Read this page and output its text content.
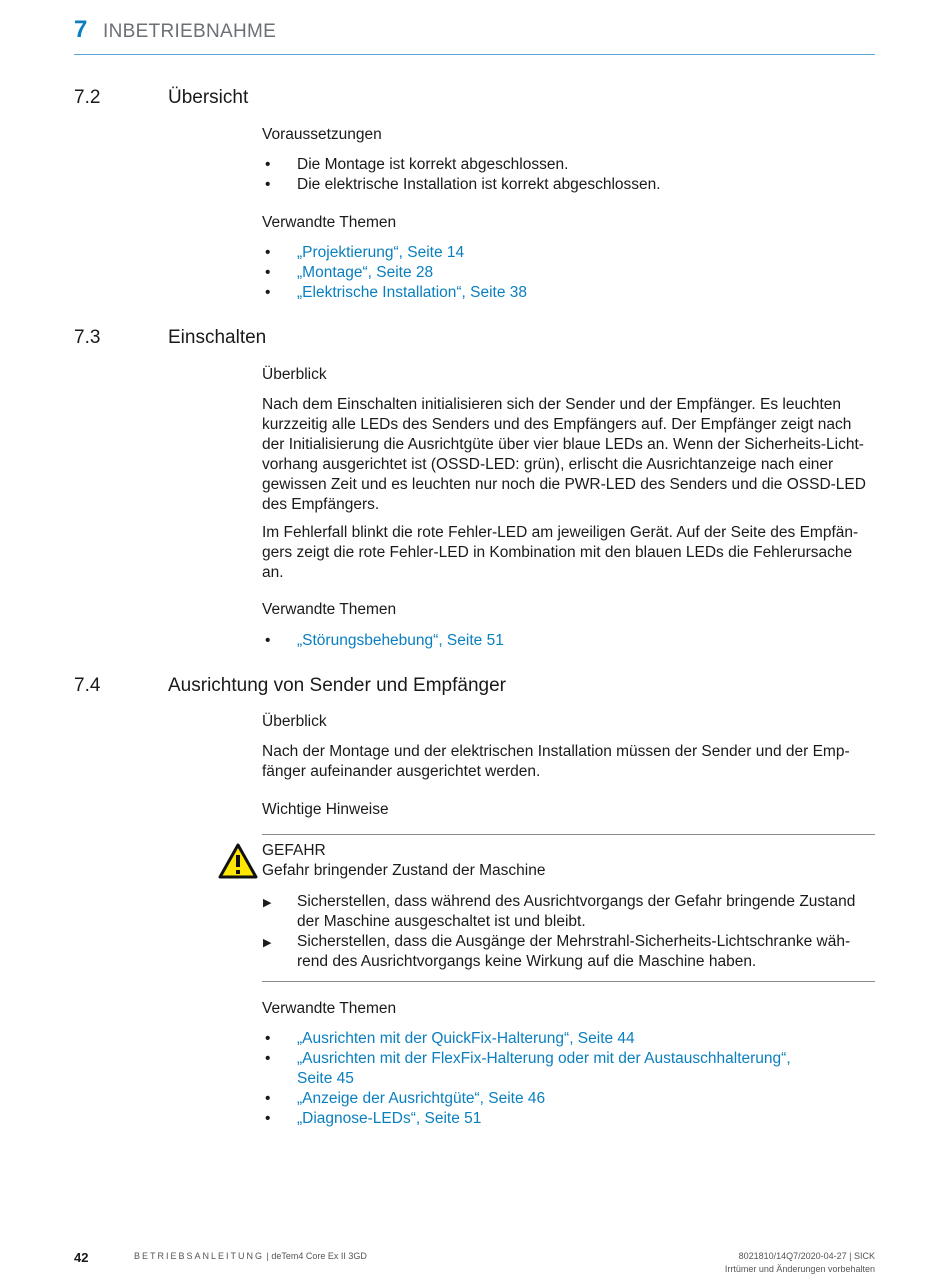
7 INBETRIEBNAHME
7.2	Übersicht
Voraussetzungen
• Die Montage ist korrekt abgeschlossen.
• Die elektrische Installation ist korrekt abgeschlossen.
Verwandte Themen
• „Projektierung“, Seite 14
• „Montage“, Seite 28
• „Elektrische Installation“, Seite 38
7.3	Einschalten
Überblick

Nach dem Einschalten initialisieren sich der Sender und der Empfänger. Es leuchten kurzzeitig alle LEDs des Senders und des Empfängers auf. Der Empfänger zeigt nach der Initialisierung die Ausrichtgüte über vier blaue LEDs an. Wenn der Sicherheits-Lichtvorhang ausgerichtet ist (OSSD-LED: grün), erlischt die Ausrichtanzeige nach einer gewissen Zeit und es leuchten nur noch die PWR-LED des Senders und die OSSD-LED des Empfängers.

Im Fehlerfall blinkt die rote Fehler-LED am jeweiligen Gerät. Auf der Seite des Empfängers zeigt die rote Fehler-LED in Kombination mit den blauen LEDs die Fehlerursache an.

Verwandte Themen
• „Störungsbehebung“, Seite 51
7.4	Ausrichtung von Sender und Empfänger
Überblick

Nach der Montage und der elektrischen Installation müssen der Sender und der Empfänger aufeinander ausgerichtet werden.

Wichtige Hinweise
GEFAHR
Gefahr bringender Zustand der Maschine
▶ Sicherstellen, dass während des Ausrichtvorgangs der Gefahr bringende Zustand der Maschine ausgeschaltet ist und bleibt.
▶ Sicherstellen, dass die Ausgänge der Mehrstrahl-Sicherheits-Lichtschranke während des Ausrichtvorgangs keine Wirkung auf die Maschine haben.
Verwandte Themen
• „Ausrichten mit der QuickFix-Halterung“, Seite 44
• „Ausrichten mit der FlexFix-Halterung oder mit der Austauschhalterung“, Seite 45
• „Anzeige der Ausrichtgüte“, Seite 46
• „Diagnose-LEDs“, Seite 51
42	BETRIEBSANLEITUNG | deTem4 Core Ex II 3GD	8021810/14Q7/2020-04-27 | SICK
Irrtümer und Änderungen vorbehalten
